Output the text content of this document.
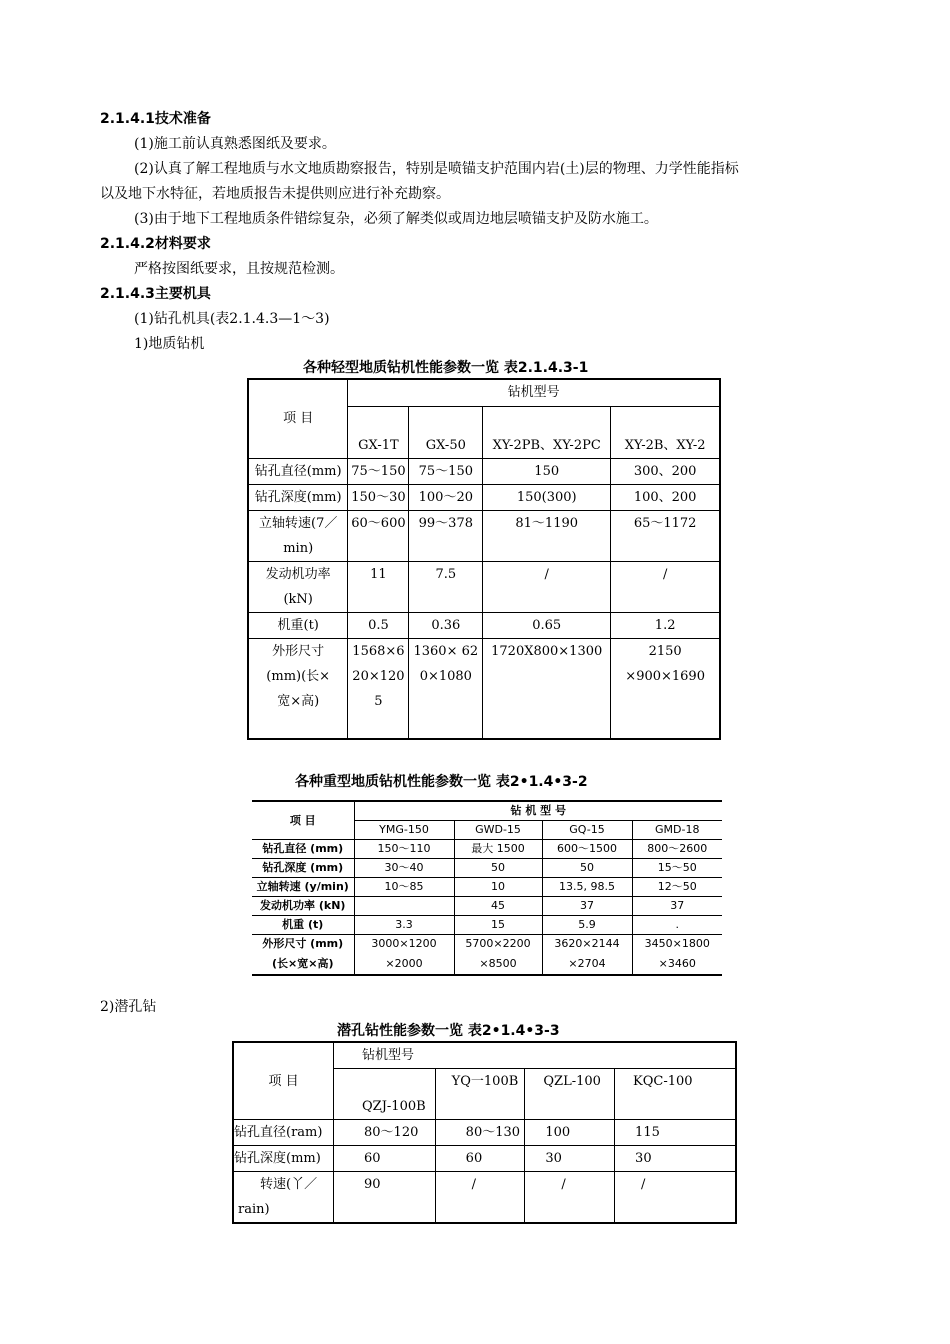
2.1.4.1技术准备
(1)施工前认真熟悉图纸及要求。
(2)认真了解工程地质与水文地质勘察报告，特别是喷锚支护范围内岩(土)层的物理、力学性能指标
以及地下水特征，若地质报告未提供则应进行补充勘察。
(3)由于地下工程地质条件错综复杂，必须了解类似或周边地层喷锚支护及防水施工。
2.1.4.2材料要求
严格按图纸要求，且按规范检测。
2.1.4.3主要机具
(1)钻孔机具(表2.1.4.3—1～3)
1)地质钻机
各种轻型地质钻机性能参数一览 表2.1.4.3-1
项 目	钻机型号			
	GX-1T	GX-50	XY-2PB、XY-2PC	XY-2B、XY-2
钻孔直径(mm)	75～150	75～150	150	300、200
钻孔深度(mm)	150～30	100～20	150(300)	100、200
立轴转速(7／min)	60～600	99～378	81～1190	65～1172
发动机功率(kN)	11	7.5	/	/
机重(t)	0.5	0.36	0.65	1.2
外形尺寸(mm)(长×宽×高)	1568×620×1205	1360× 620×1080	1720X800×1300	2150 ×900×1690
各种重型地质钻机性能参数一览 表2•1.4•3-2
项 目	钻 机 型 号			
	YMG-150	GWD-15	GQ-15	GMD-18
钻孔直径 (mm)	150～110	最大 1500	600～1500	800～2600
钻孔深度 (mm)	30～40	50	50	15～50
立轴转速 (y/min)	10～85	10	13.5, 98.5	12～50
发动机功率 (kN)		45	37	37
机重 (t)	3.3	15	5.9	.
外形尺寸 (mm)	3000×1200	5700×2200	3620×2144	3450×1800
(长×宽×高)	×2000	×8500	×2704	×3460
2)潜孔钻
潜孔钻性能参数一览 表2•1.4•3-3
项 目	钻机型号			
	QZJ-100B	YQ一100B	QZL-100	KQC-100
钻孔直径(ram)	80～120	80～130	100	115
钻孔深度(mm)	60	60	30	30
转速(丫／rain)	90	/	/	/
